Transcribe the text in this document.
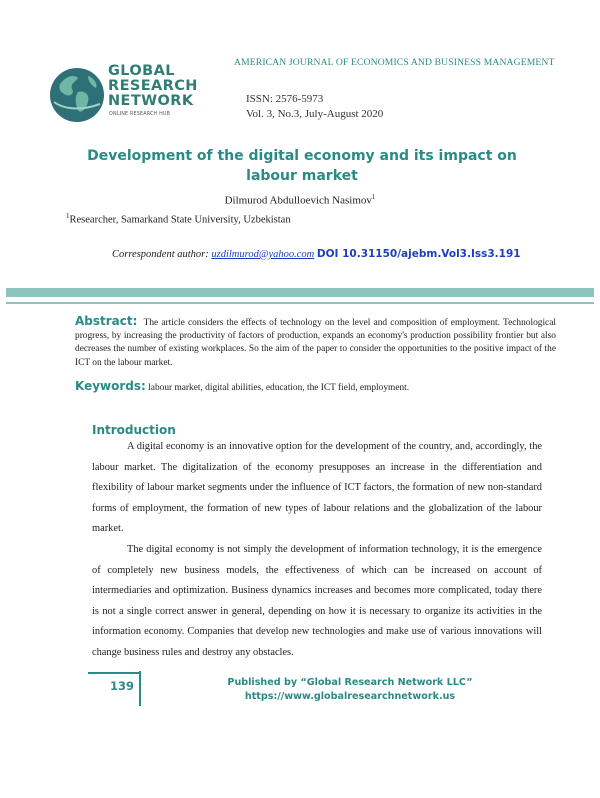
AMERICAN JOURNAL OF ECONOMICS AND BUSINESS MANAGEMENT
GLOBAL
RESEARCH
NETWORK
ONLINE RESEARCH HUB
ISSN: 2576-5973
Vol. 3, No.3, July-August 2020
Development of the digital economy and its impact on labour market
Dilmurod Abdulloevich Nasimov$^1$
$^1$Researcher, Samarkand State University, Uzbekistan
Correspondent author: uzdilmurod@yahoo.com DOI 10.31150/ajebm.Vol3.Iss3.191
Abstract: The article considers the effects of technology on the level and composition of employment. Technological progress, by increasing the productivity of factors of production, expands an economy's production possibility frontier but also decreases the number of existing workplaces. So the aim of the paper to consider the opportunities to the positive impact of the ICT on the labour market.
Keywords: labour market, digital abilities, education, the ICT field, employment.
Introduction

A digital economy is an innovative option for the development of the country, and, accordingly, the labour market. The digitalization of the economy presupposes an increase in the differentiation and flexibility of labour market segments under the influence of ICT factors, the formation of new non-standard forms of employment, the formation of new types of labour relations and the globalization of the labour market.

The digital economy is not simply the development of information technology, it is the emergence of completely new business models, the effectiveness of which can be increased on account of intermediaries and optimization. Business dynamics increases and becomes more complicated, today there is not a single correct answer in general, depending on how it is necessary to organize its activities in the information economy. Companies that develop new technologies and make use of various innovations will change business rules and destroy any obstacles.

139	Published by “Global Research Network LLC”
https://www.globalresearchnetwork.us
